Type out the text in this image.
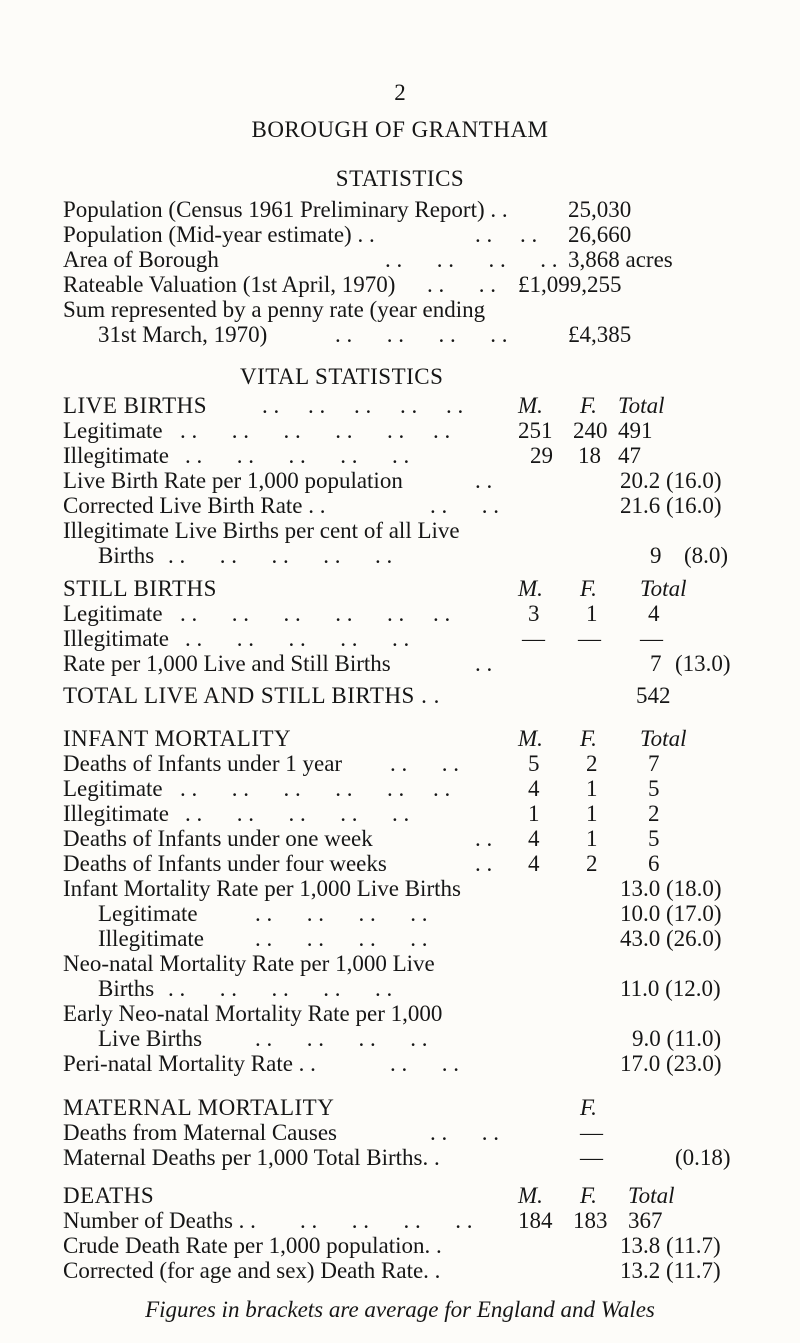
2
BOROUGH OF GRANTHAM
STATISTICS
Population (Census 1961 Preliminary Report) . .	25,030
Population (Mid-year estimate) . .	. . . . 26,660
Area of Borough	. .      . .      . .      . . 3,868 acres
Rateable Valuation (1st April, 1970) . .      . . £1,099,255
Sum represented by a penny rate (year ending
31st March, 1970)	. .      . .      . .      . .	£4,385
VITAL STATISTICS
LIVE BIRTHS . .     . .     . .     . .     . . M. F. Total
Legitimate . .      . .      . .      . .      . .     . .	251 240 491
Illegitimate . .      . .      . .      . .      . .	29 18 47
Live Birth Rate per 1,000 population	. .	20.2 (16.0)
Corrected Live Birth Rate . .	. .      . .	21.6 (16.0)
Illegitimate Live Births per cent of all Live
Births . .      . .      . .      . .      . .	9 (8.0)
STILL BIRTHS	M. F. Total
Legitimate . .      . .      . .      . .      . .     . .	3 1 4
Illegitimate . .      . .      . .      . .      . .	— — —
Rate per 1,000 Live and Still Births	. .	7 (13.0)
TOTAL LIVE AND STILL BIRTHS . .	542
INFANT MORTALITY	M. F. Total
Deaths of Infants under 1 year . .      . .	5 2 7
Legitimate . .      . .      . .      . .      . .     . .	4 1 5
Illegitimate . .      . .      . .      . .      . .	1 1 2
Deaths of Infants under one week	. . 4 1 5
Deaths of Infants under four weeks	. . 4 2 6
Infant Mortality Rate per 1,000 Live Births	13.0 (18.0)
Legitimate . .      . .      . .      . .	10.0 (17.0)
Illegitimate . .      . .      . .      . .	43.0 (26.0)
Neo-natal Mortality Rate per 1,000 Live
Births . .      . .      . .      . .      . .	11.0 (12.0)
Early Neo-natal Mortality Rate per 1,000
Live Births . .      . .      . .      . .	9.0 (11.0)
Peri-natal Mortality Rate . .	. .      . .	17.0 (23.0)
MATERNAL MORTALITY	F.
Deaths from Maternal Causes	. .      . .	—
Maternal Deaths per 1,000 Total Births. .	—	(0.18)
DEATHS	M. F. Total
Number of Deaths . . . .      . .      . .      . . 184 183 367
Crude Death Rate per 1,000 population. .	13.8 (11.7)
Corrected (for age and sex) Death Rate. .	13.2 (11.7)
Figures in brackets are average for England and Wales
